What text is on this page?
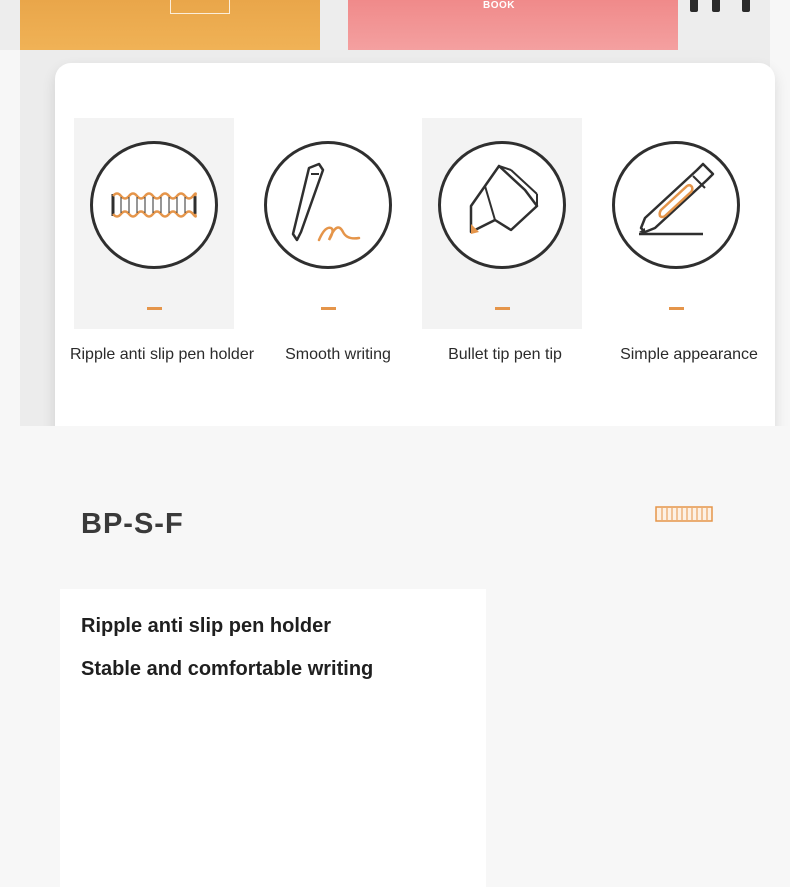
BOOK
Ripple anti slip pen holder	Smooth writing	Bullet tip pen tip	Simple appearance
BP-S-F
Ripple anti slip pen holder
Stable and comfortable writing
